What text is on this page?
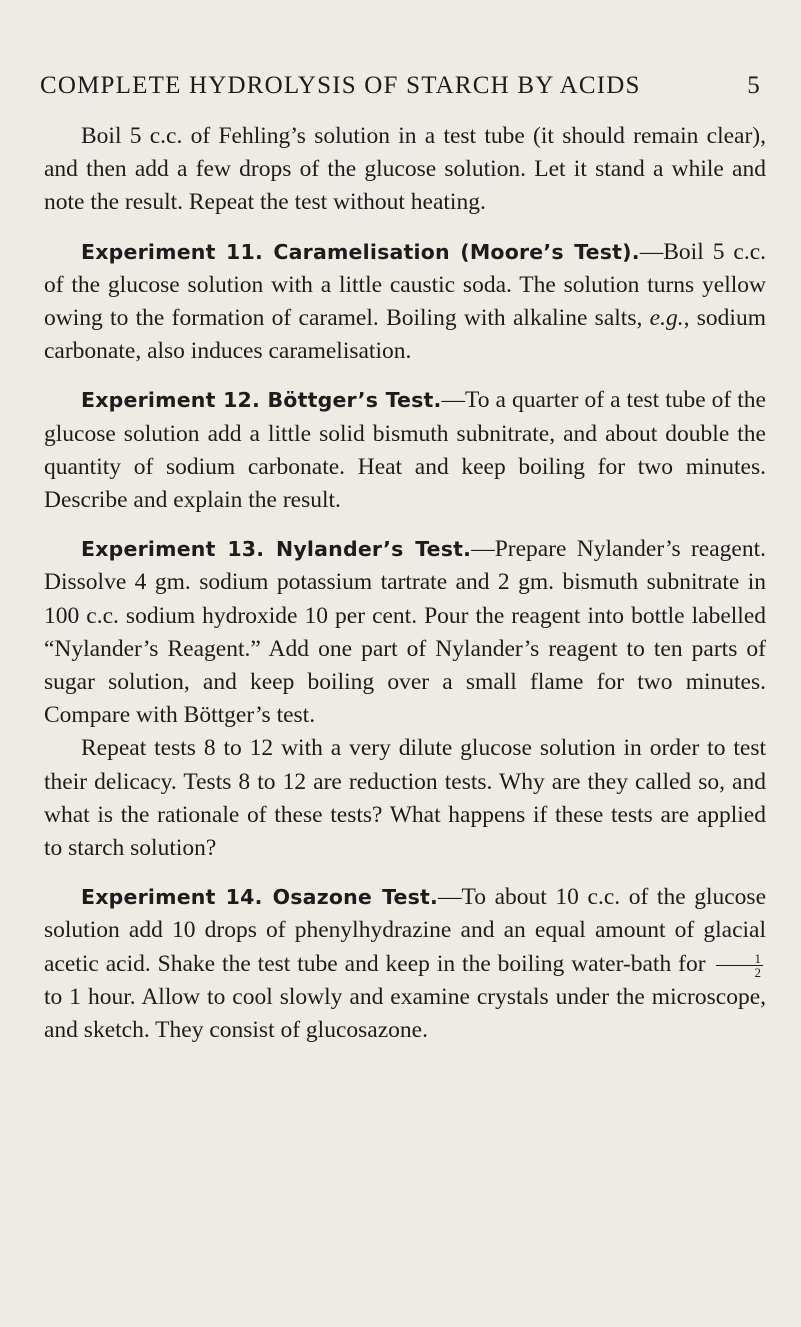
COMPLETE HYDROLYSIS OF STARCH BY ACIDS	5

Boil 5 c.c. of Fehling’s solution in a test tube (it should remain clear), and then add a few drops of the glucose solution. Let it stand a while and note the result. Repeat the test without heating.

Experiment 11. Caramelisation (Moore’s Test).—Boil 5 c.c. of the glucose solution with a little caustic soda. The solution turns yellow owing to the formation of caramel. Boiling with alkaline salts, e.g., sodium carbonate, also induces caramelisation.

Experiment 12. Böttger’s Test.—To a quarter of a test tube of the glucose solution add a little solid bismuth subnitrate, and about double the quantity of sodium carbonate. Heat and keep boiling for two minutes. Describe and explain the result.

Experiment 13. Nylander’s Test.—Prepare Nylander’s reagent. Dissolve 4 gm. sodium potassium tartrate and 2 gm. bismuth subnitrate in 100 c.c. sodium hydroxide 10 per cent. Pour the reagent into bottle labelled “Nylander’s Reagent.” Add one part of Nylander’s reagent to ten parts of sugar solution, and keep boiling over a small flame for two minutes. Compare with Böttger’s test.

Repeat tests 8 to 12 with a very dilute glucose solution in order to test their delicacy. Tests 8 to 12 are reduction tests. Why are they called so, and what is the rationale of these tests? What happens if these tests are applied to starch solution?

Experiment 14. Osazone Test.—To about 10 c.c. of the glucose solution add 10 drops of phenylhydrazine and an equal amount of glacial acetic acid. Shake the test tube and keep in the boiling water-bath for $\frac{1}{2}$
to 1 hour. Allow to cool slowly and examine crystals under the microscope, and sketch. They consist of glucosazone.
